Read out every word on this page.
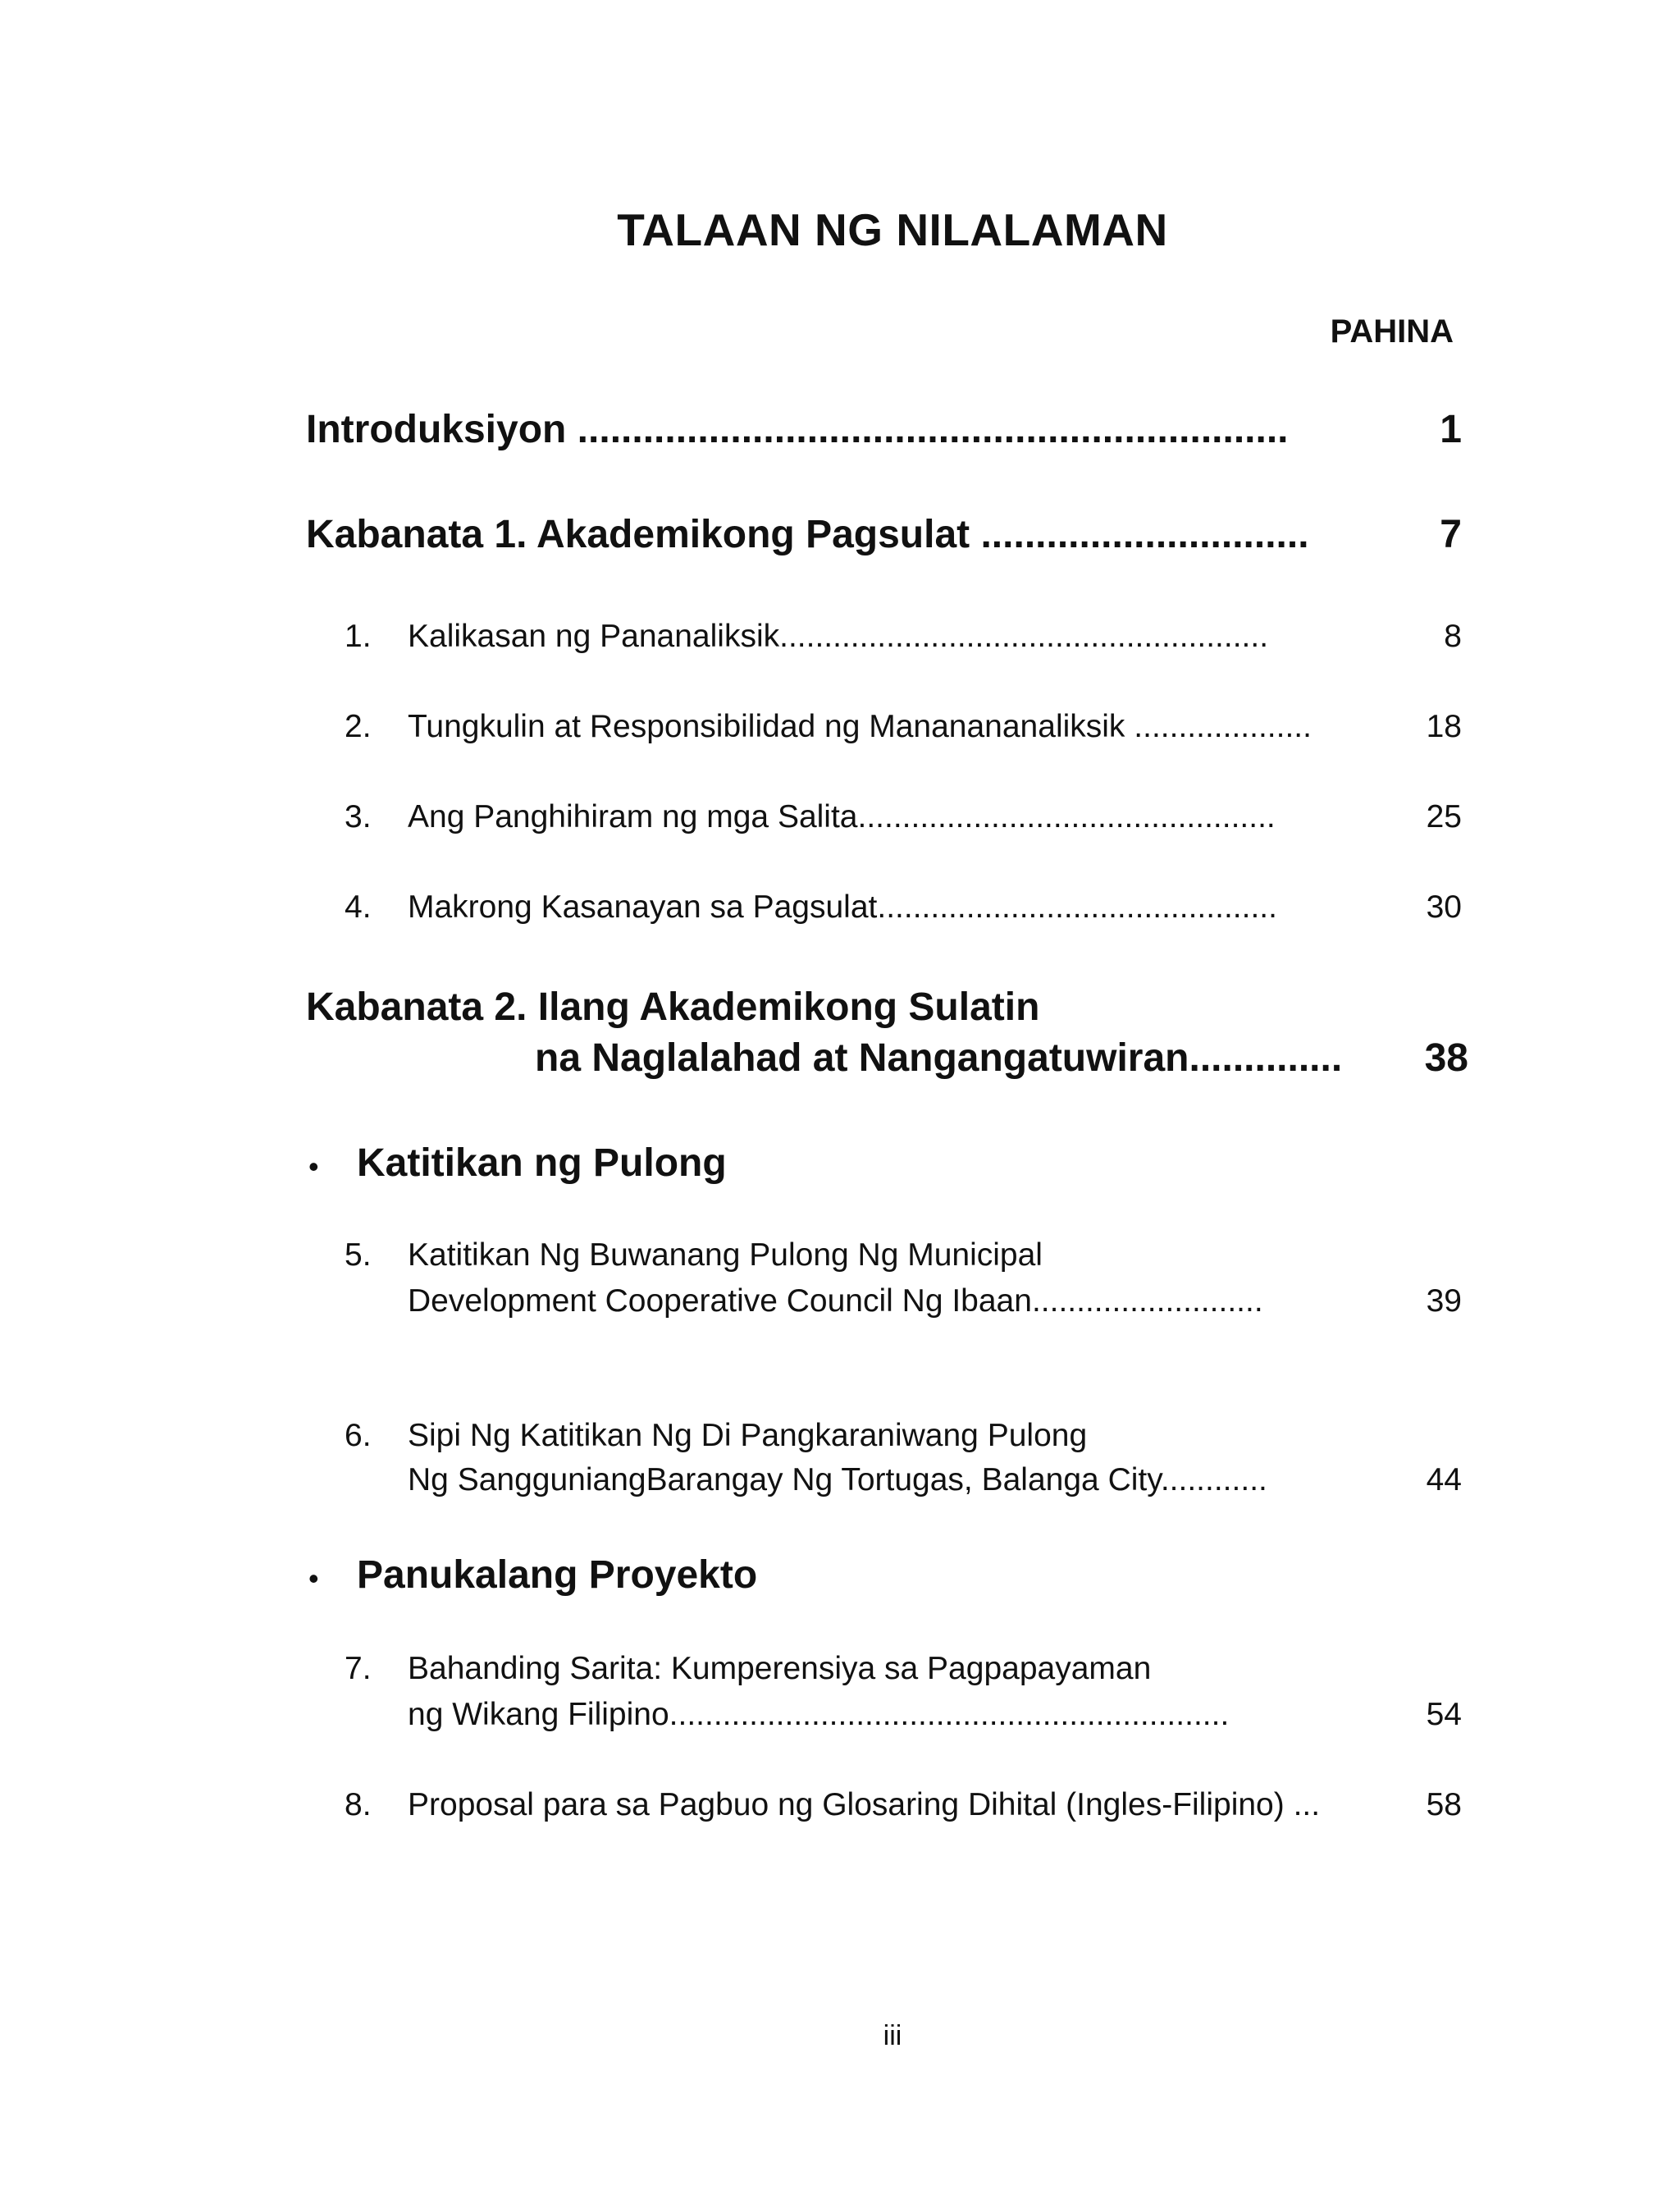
TALAAN NG NILALAMAN
PAHINA
Introduksiyon .................................................................	1
Kabanata 1. Akademikong Pagsulat ..............................	7
1. Kalikasan ng Pananaliksik.......................................................	8
2. Tungkulin at Responsibilidad ng Mananananaliksik ....................	18
3. Ang Panghihiram ng mga Salita...............................................	25
4. Makrong Kasanayan sa Pagsulat.............................................	30
Kabanata 2. Ilang Akademikong Sulatin
na Naglalahad at Nangangatuwiran..............	38
• Katitikan ng Pulong
5. Katitikan Ng Buwanang Pulong Ng Municipal
Development Cooperative Council Ng Ibaan..........................	39
6. Sipi Ng Katitikan Ng Di Pangkaraniwang Pulong
Ng SangguniangBarangay Ng Tortugas, Balanga City............	44
• Panukalang Proyekto
7. Bahanding Sarita: Kumperensiya sa Pagpapayaman
ng Wikang Filipino...............................................................	54
8. Proposal para sa Pagbuo ng Glosaring Dihital (Ingles-Filipino) ...	58
iii
